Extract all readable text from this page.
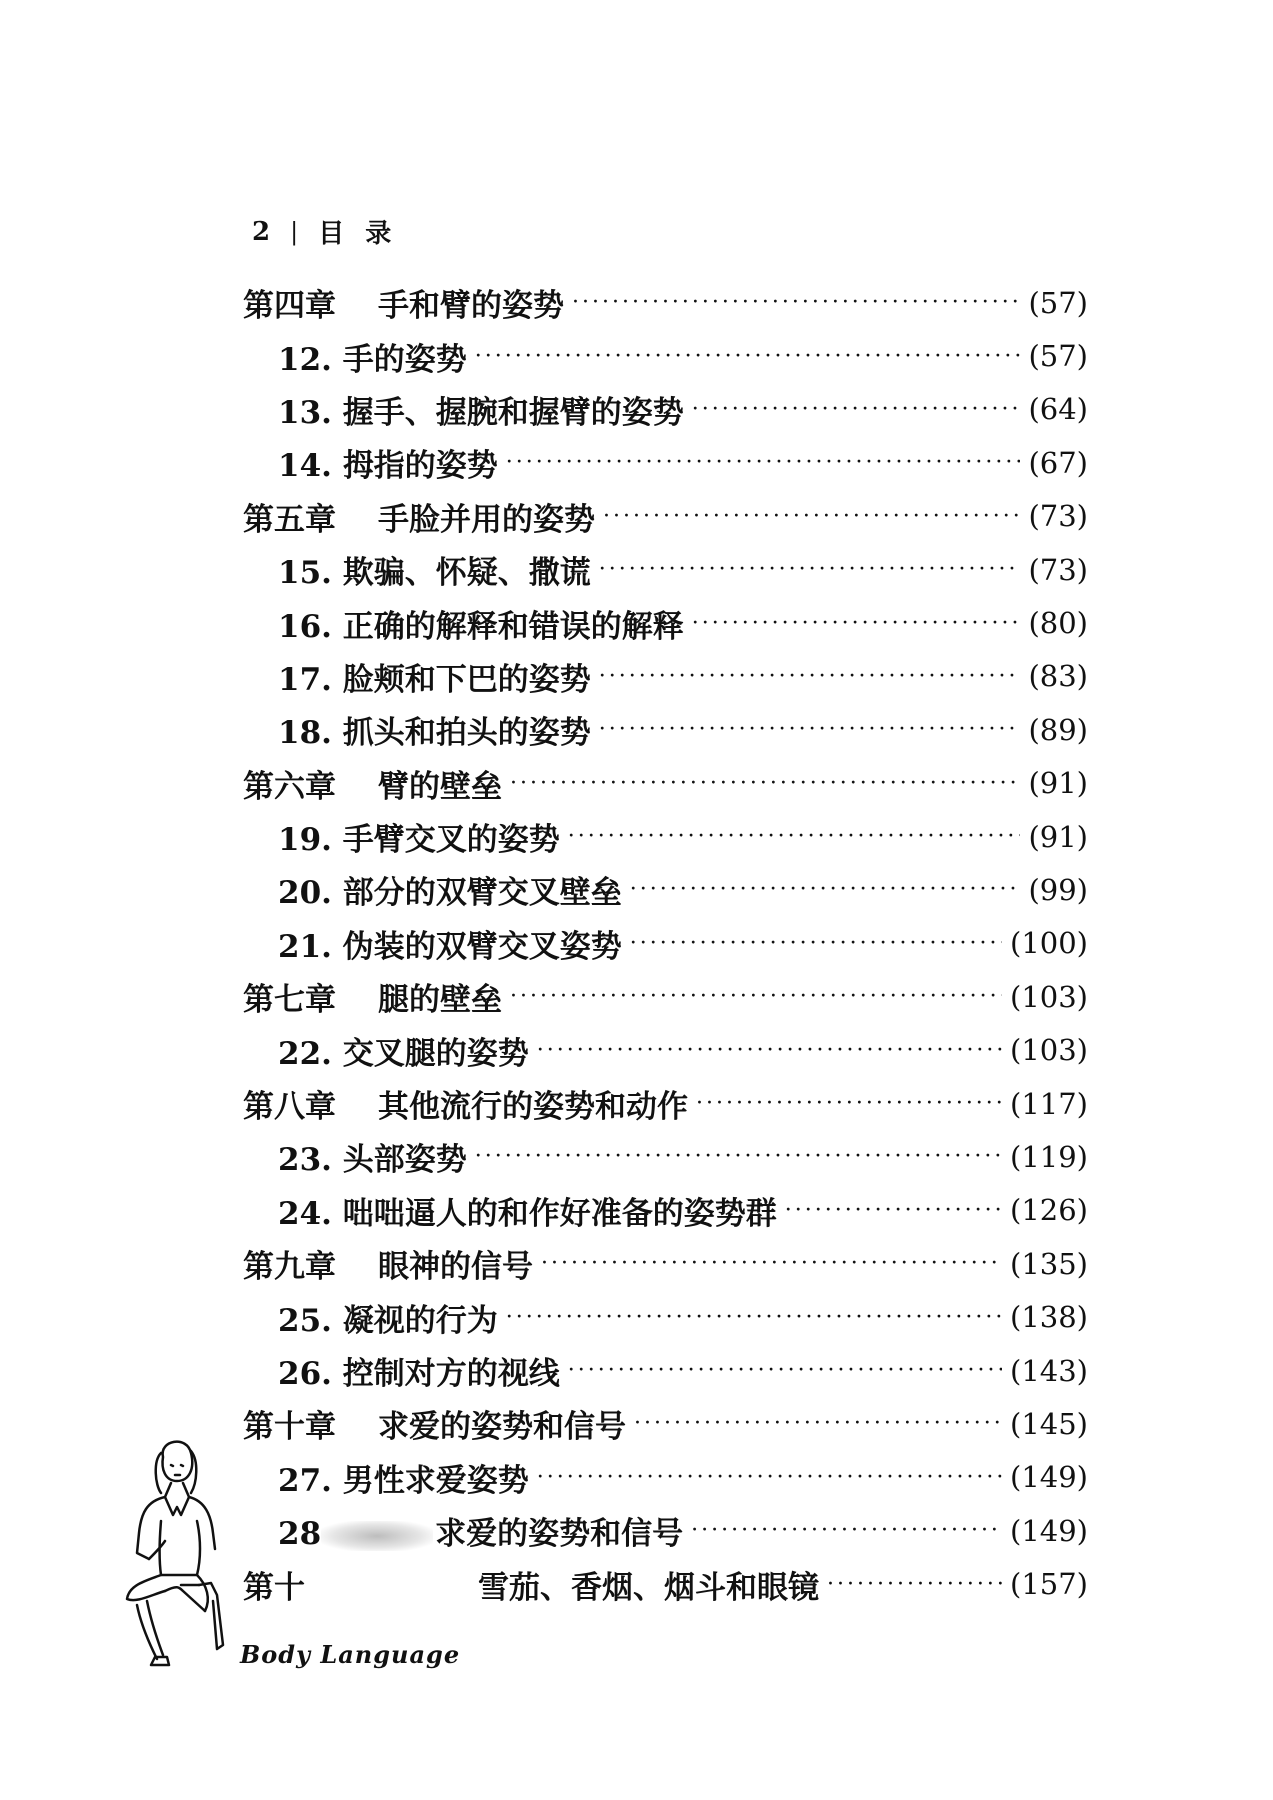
2 | 目 录
第四章	手和臂的姿势 ·····	(57)
12. 手的姿势 ·····	(57)
13. 握手、握腕和握臂的姿势 ·····	(64)
14. 拇指的姿势 ·····	(67)
第五章	手脸并用的姿势 ·····	(73)
15. 欺骗、怀疑、撒谎 ·····	(73)
16. 正确的解释和错误的解释 ·····	(80)
17. 脸颊和下巴的姿势 ·····	(83)
18. 抓头和拍头的姿势 ·····	(89)
第六章	臂的壁垒 ·····	(91)
19. 手臂交叉的姿势 ·····	(91)
20. 部分的双臂交叉壁垒 ·····	(99)
21. 伪装的双臂交叉姿势 ·····	(100)
第七章	腿的壁垒 ·····	(103)
22. 交叉腿的姿势 ·····	(103)
第八章	其他流行的姿势和动作 ·····	(117)
23. 头部姿势 ·····	(119)
24. 咄咄逼人的和作好准备的姿势群 ·····	(126)
第九章	眼神的信号 ·····	(135)
25. 凝视的行为 ·····	(138)
26. 控制对方的视线 ·····	(143)
第十章	求爱的姿势和信号 ·····	(145)
27. 男性求爱姿势 ·····	(149)
28	求爱的姿势和信号 ·····	(149)
第十	雪茄、香烟、烟斗和眼镜 ·····	(157)
Body Language
